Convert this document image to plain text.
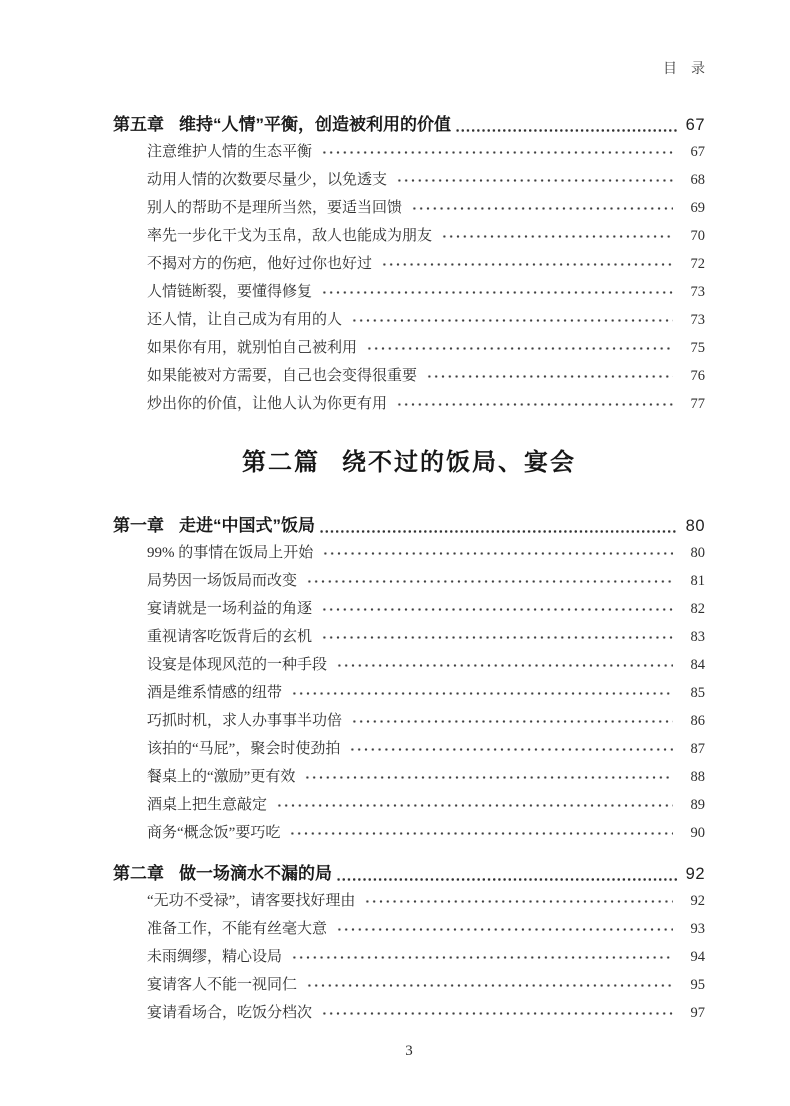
目　录
第五章 维持“人情”平衡，创造被利用的价值	67
注意维护人情的生态平衡	67
动用人情的次数要尽量少，以免透支	68
别人的帮助不是理所当然，要适当回馈	69
率先一步化干戈为玉帛，敌人也能成为朋友	70
不揭对方的伤疤，他好过你也好过	72
人情链断裂，要懂得修复	73
还人情，让自己成为有用的人	73
如果你有用，就别怕自己被利用	75
如果能被对方需要，自己也会变得很重要	76
炒出你的价值，让他人认为你更有用	77
第二篇 绕不过的饭局、宴会
第一章 走进“中国式”饭局	80
99% 的事情在饭局上开始	80
局势因一场饭局而改变	81
宴请就是一场利益的角逐	82
重视请客吃饭背后的玄机	83
设宴是体现风范的一种手段	84
酒是维系情感的纽带	85
巧抓时机，求人办事事半功倍	86
该拍的“马屁”，聚会时使劲拍	87
餐桌上的“激励”更有效	88
酒桌上把生意敲定	89
商务“概念饭”要巧吃	90
第二章 做一场滴水不漏的局	92
“无功不受禄”，请客要找好理由	92
准备工作，不能有丝毫大意	93
未雨绸缪，精心设局	94
宴请客人不能一视同仁	95
宴请看场合，吃饭分档次	97
3
